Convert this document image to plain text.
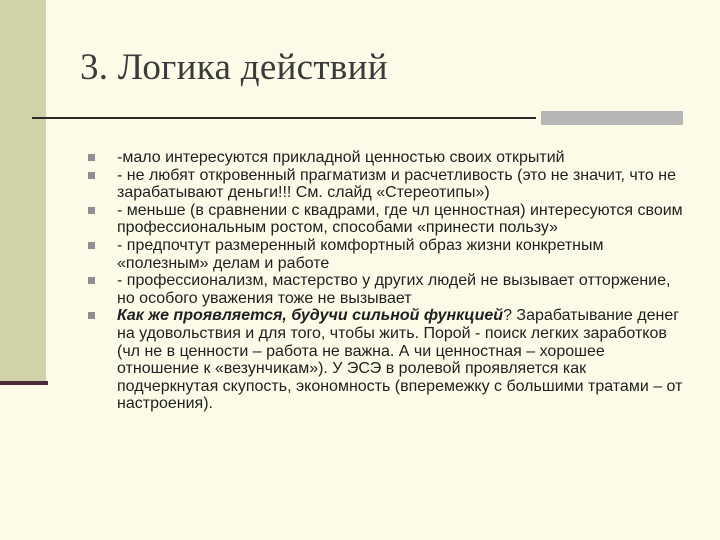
3. Логика действий
-мало интересуются прикладной ценностью своих открытий
- не любят откровенный прагматизм и расчетливость (это не значит, что не зарабатывают деньги!!! См. слайд «Стереотипы»)
- меньше (в сравнении с квадрами, где чл ценностная) интересуются своим профессиональным ростом, способами «принести пользу»
- предпочтут размеренный комфортный образ жизни конкретным «полезным» делам и работе
- профессионализм, мастерство у других людей не вызывает отторжение, но особого уважения тоже не вызывает
Как же проявляется, будучи сильной функцией? Зарабатывание денег на удовольствия и для того, чтобы жить. Порой - поиск легких заработков (чл не в ценности – работа не важна. А чи ценностная – хорошее отношение к «везунчикам»). У ЭСЭ в ролевой проявляется как подчеркнутая скупость, экономность (вперемежку с большими тратами – от настроения).
